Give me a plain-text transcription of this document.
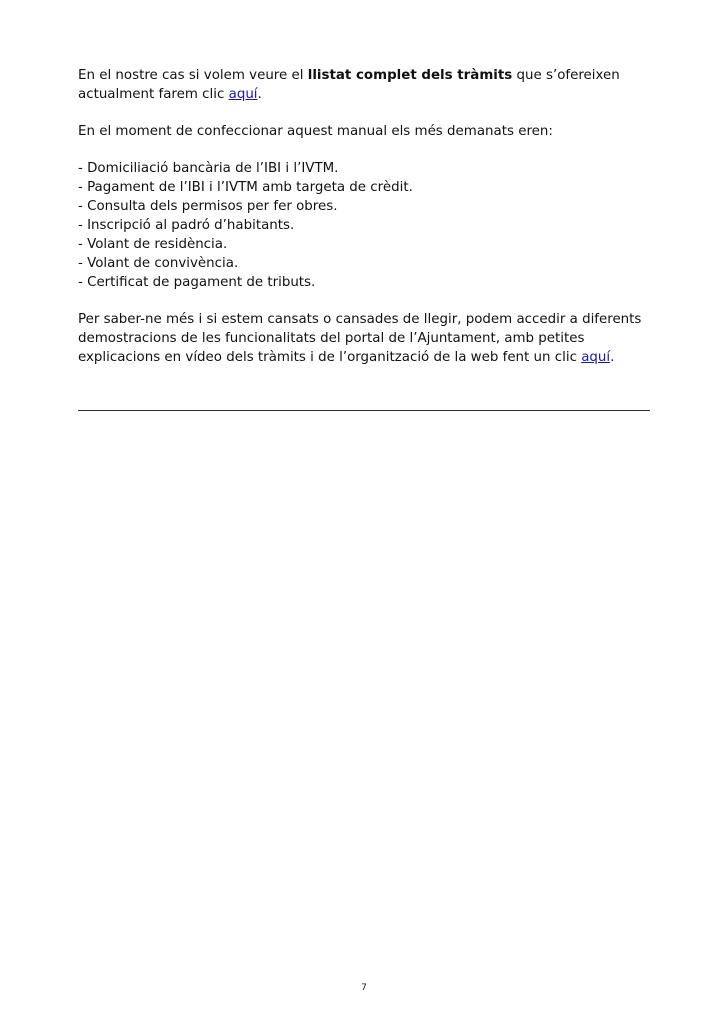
En el nostre cas si volem veure el llistat complet dels tràmits que s’ofereixen actualment farem clic aquí.

En el moment de confeccionar aquest manual els més demanats eren:

- Domiciliació bancària de l’IBI i l’IVTM.
- Pagament de l’IBI i l’IVTM amb targeta de crèdit.
- Consulta dels permisos per fer obres.
- Inscripció al padró d’habitants.
- Volant de residència.
- Volant de convivència.
- Certificat de pagament de tributs.

Per saber-ne més i si estem cansats o cansades de llegir, podem accedir a diferents demostracions de les funcionalitats del portal de l’Ajuntament, amb petites explicacions en vídeo dels tràmits i de l’organització de la web fent un clic aquí.

7
